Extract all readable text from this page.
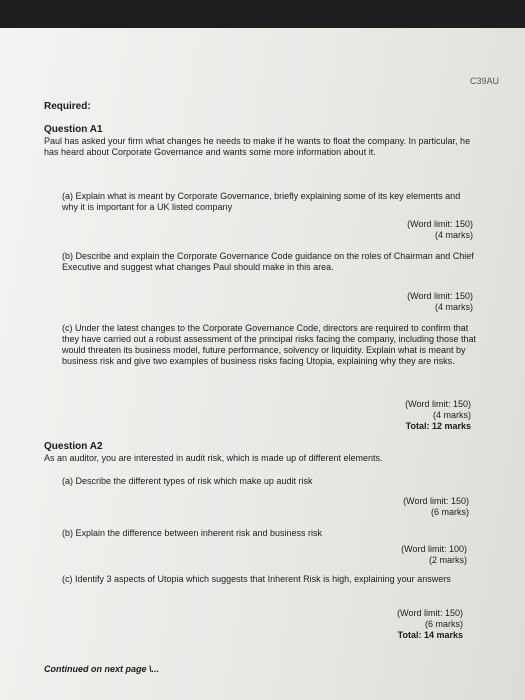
C39AU
Required:
Question A1
Paul has asked your firm what changes he needs to make if he wants to float the company. In particular, he has heard about Corporate Governance and wants some more information about it.
(a) Explain what is meant by Corporate Governance, briefly explaining some of its key elements and why it is important for a UK listed company
(Word limit: 150)
(4 marks)
(b) Describe and explain the Corporate Governance Code guidance on the roles of Chairman and Chief Executive and suggest what changes Paul should make in this area.
(Word limit: 150)
(4 marks)
(c) Under the latest changes to the Corporate Governance Code, directors are required to confirm that they have carried out a robust assessment of the principal risks facing the company, including those that would threaten its business model, future performance, solvency or liquidity. Explain what is meant by business risk and give two examples of business risks facing Utopia, explaining why they are risks.
(Word limit: 150)
(4 marks)
Total: 12 marks
Question A2
As an auditor, you are interested in audit risk, which is made up of different elements.
(a) Describe the different types of risk which make up audit risk
(Word limit: 150)
(6 marks)
(b) Explain the difference between inherent risk and business risk
(Word limit: 100)
(2 marks)
(c) Identify 3 aspects of Utopia which suggests that Inherent Risk is high, explaining your answers
(Word limit: 150)
(6 marks)
Total: 14 marks
Continued on next page \...
